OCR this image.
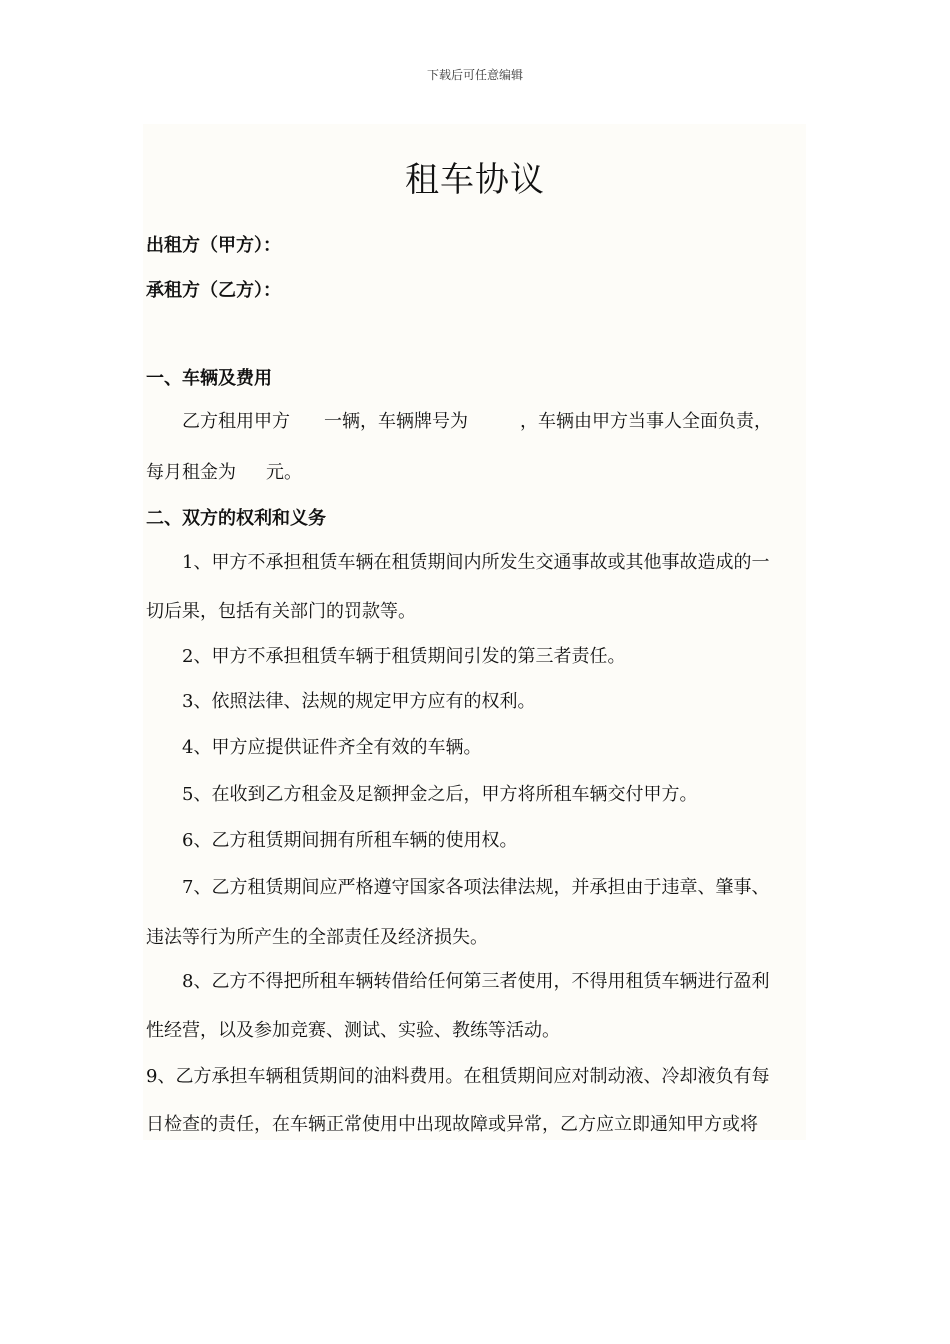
下载后可任意编辑
租车协议
出租方（甲方）：
承租方（乙方）：
一、车辆及费用
乙方租用甲方 一辆，车辆牌号为	，车辆由甲方当事人全面负责，
每月租金为 元。
二、双方的权利和义务
1、甲方不承担租赁车辆在租赁期间内所发生交通事故或其他事故造成的一
切后果，包括有关部门的罚款等。
2、甲方不承担租赁车辆于租赁期间引发的第三者责任。
3、依照法律、法规的规定甲方应有的权利。
4、甲方应提供证件齐全有效的车辆。
5、在收到乙方租金及足额押金之后，甲方将所租车辆交付甲方。
6、乙方租赁期间拥有所租车辆的使用权。
7、乙方租赁期间应严格遵守国家各项法律法规，并承担由于违章、肇事、
违法等行为所产生的全部责任及经济损失。
8、乙方不得把所租车辆转借给任何第三者使用，不得用租赁车辆进行盈利
性经营，以及参加竞赛、测试、实验、教练等活动。
9、乙方承担车辆租赁期间的油料费用。在租赁期间应对制动液、冷却液负有每
日检查的责任，在车辆正常使用中出现故障或异常，乙方应立即通知甲方或将
